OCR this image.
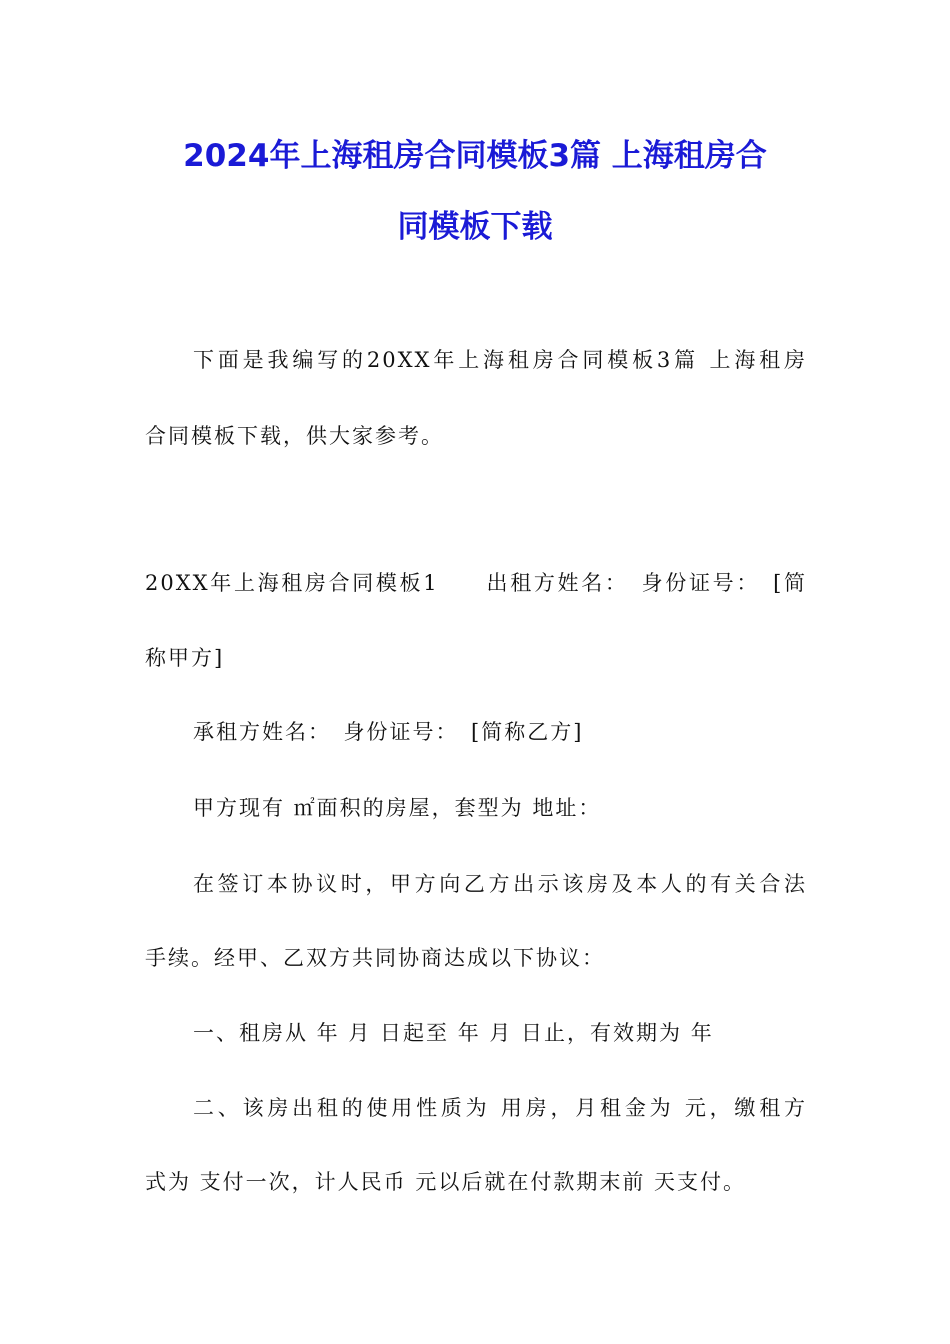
2024年上海租房合同模板3篇 上海租房合
同模板下载
下面是我编写的20XX年上海租房合同模板3篇 上海租房
合同模板下载，供大家参考。
20XX年上海租房合同模板1　　出租方姓名：　身份证号：　[简
称甲方]
承租方姓名：　身份证号：　[简称乙方]
甲方现有 ㎡面积的房屋，套型为 地址：
在签订本协议时，甲方向乙方出示该房及本人的有关合法
手续。经甲、乙双方共同协商达成以下协议：
一、租房从 年 月 日起至 年 月 日止，有效期为 年
二、该房出租的使用性质为 用房，月租金为 元，缴租方
式为 支付一次，计人民币 元以后就在付款期末前 天支付。
